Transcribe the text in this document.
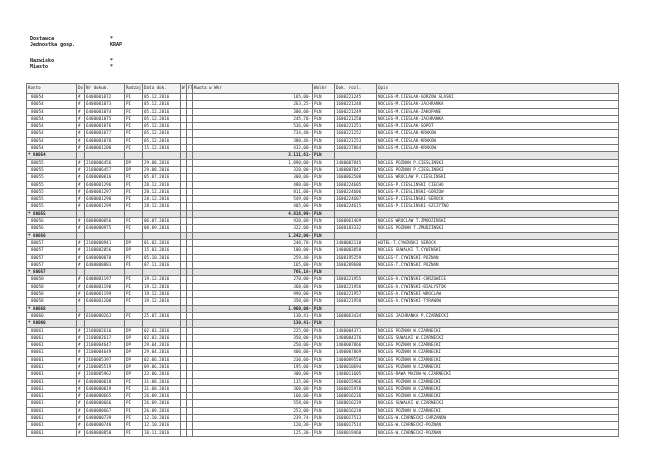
Dostawca	*
Jednostka gosp.	KRAP
Nazwisko	*
Miasto	*
Konto	Do	Nr dokum.	Rodzaj	Data dok.	W	Fl	Kwota w Wkr	Walkr	Dok. rozl.	Opis
80054	#	6400001072	PI	05.12.2016			165,00-	PLN	1600221245	NOCLEG-M.CIESLAK-GORZOW SLASKI
80054	#	6400001073	PI	05.12.2016			263,25-	PLN	1600221248	NOCLEG-M.CIESLAK-JACHRANKA
80054	#	6400001074	PI	05.12.2016			300,00-	PLN	1600221249	NOCLEG-M.CIESLAK-ZAKOPANE
80054	#	6400001075	PI	05.12.2016			245,70-	PLN	1600221250	NOCLEG-M.CIESLAK-JACHRANKA
80054	#	6400001076	PI	05.12.2016			536,00-	PLN	1600221251	NOCLEG-M.CIESLAK-SOPOT
80054	#	6400001077	PI	05.12.2016			734,40-	PLN	1600221252	NOCLEG-M.CIESLAK-KRAKOW
80054	#	6400001078	PI	05.12.2016			380,46-	PLN	1600221253	NOCLEG-M.CIESLAK-KRAKOW
80054	#	6400001200	PI	15.12.2016			432,00-	PLN	1600227864	NOCLEG-M.CIESLAK-KRAKOW
* 80054							3.111,61-	PLN		
80055	#	2100006456	DP	29.08.2016			1.090,00-	PLN	1400007845	NOCLEG POZNAN P.CIESLINSKI
80055	#	2100006457	DP	29.08.2016			320,00-	PLN	1400007847	NOCLEG POZNAN P.CIESLINSKI
80055	#	6400000016	PI	05.07.2016			300,00-	PLN	1600062508	NOCLEG WROCLAW P.CIESLINSKI
80055	#	6400001296	PI	28.12.2016			480,00-	PLN	1600224605	NOCLEG-P.CIESLINSKI CIECHO
80055	#	6400001297	PI	28.12.2016			811,00-	PLN	1600224606	NOCLEG-P.CIESLINSKI-GORZOW
80055	#	6400001298	PI	28.12.2016			549,00-	PLN	1600224607	NOCLEG-P.CIESLINSKI-SEROCK
80055	#	6400001299	PI	28.12.2016			405,00-	PLN	1600224615	NOCLEG-P.CIESLINSKI-SZCZYTNO
* 80055							4.816,99-	PLN		
80056	#	6000000056	PI	06.07.2016			920,00-	PLN	1600061469	NOCLEG WROCLAW T.ZMUDZINSKI
80056	#	6400000975	PI	08.09.2016			322,00-	PLN	1600183332	NOCLEG POZNAN T.ZMUDZINSKI
* 80056							1.242,00-	PLN		
80057	#	2100000941	DP	01.02.2016			240,70-	PLN	1400002110	HOTEL-T.CYWINSKI SEROCK
80057	#	2100002056	DP	15.03.2016			100,00-	PLN	1400003850	NOCLEG SUWALKI T.CYWINSKI
80057	#	6400000070	PI	05.10.2016			259,48-	PLN	1600195259	NOCLEG-T.CYWINSKI-POZNAN
80057	#	6400000883	PI	07.11.2016			165,00-	PLN	1600209600	NOCLEG-T.CYWINSKI POZNAN
* 80057							765,18-	PLN		
80058	#	6400001197	PI	19.12.2016			270,00-	PLN	1600221955	NOCLEG-A.CYWINSKI-CHRZOWICE
80058	#	6400001198	PI	19.12.2016			360,00-	PLN	1600221956	NOCLEG-A.CYWINSKI-BIALYSTOK
80058	#	6400001199	PI	19.12.2016			990,00-	PLN	1600221957	NOCLEG-A.CYWINSKI-WROCLAW
80058	#	6400001200	PI	19.12.2016			350,00-	PLN	1600221958	NOCLEG-A.CYWINSKI-TYRAWOW
* 80058							1.960,00-	PLN		
80060	#	6100000263	PI	25.07.2016			130,41-	PLN	1600063434	NOCLEG JACHRANKA P.CZARNECKI
* 80060							130,41-	PLN		
80061	#	2100002616	DP	02.03.2016			225,00-	PLN	1400004371	NOCLEG POZNAN W.CZARNECKI
80061	#	2100002617	DP	02.03.2016			350,00-	PLN	1400004376	NOCLEG SUWALKI W.CZARNECKI
80061	#	2100004647	DP	29.04.2016			250,00-	PLN	1400007866	NOCLEG POZNAN W.CZARNECKI
80061	#	2100004649	DP	29.04.2016			400,00-	PLN	1400007869	NOCLEG POZNAN W.CZARNECKI
80061	#	2100005397	DP	02.06.2016			230,00-	PLN	1400009550	NOCLEG POZNAN W.CZARNECKI
80061	#	2100005519	DP	09.06.2016			195,00-	PLN	1400010694	NOCLEG POZNAN W.CZARNECKI
80061	#	2100005962	DP	23.06.2016			300,00-	PLN	1400011605	NOCLEG-RAWA MAZOW-W.CZARNECKI
80061	#	6400000018	PI	31.08.2016			135,00-	PLN	1600015966	NOCLEG POZNAN W.CZARNECKI
80061	#	6400000019	PI	31.08.2016			360,00-	PLN	1600015970	NOCLEG POZNAN W.CZARNECKI
80061	#	6400000665	PI	26.09.2016			160,00-	PLN	1600016236	NOCLEG POZNAN W.CZARNECKI
80061	#	6400000666	PI	26.09.2016			558,00-	PLN	1600016239	NOCLEG SUWALKI W.CZARNECKI
80061	#	6400000667	PI	26.09.2016			253,00-	PLN	1600016238	NOCLEG POZNAN W.CZARNECKI
80061	#	6400000739	PI	12.10.2016			239,74-	PLN	1600017513	NOCLEG-W.CZARNECKI-CHRZANOW
80061	#	6400000740	PI	12.10.2016			120,30-	PLN	1600017514	NOCLEG-W.CZARNECKI-POZNAN
80061	#	6400000850	PI	10.11.2016			125,30-	PLN	1600019460	NOCLEG-W.CZARNECKI-POZNAN
